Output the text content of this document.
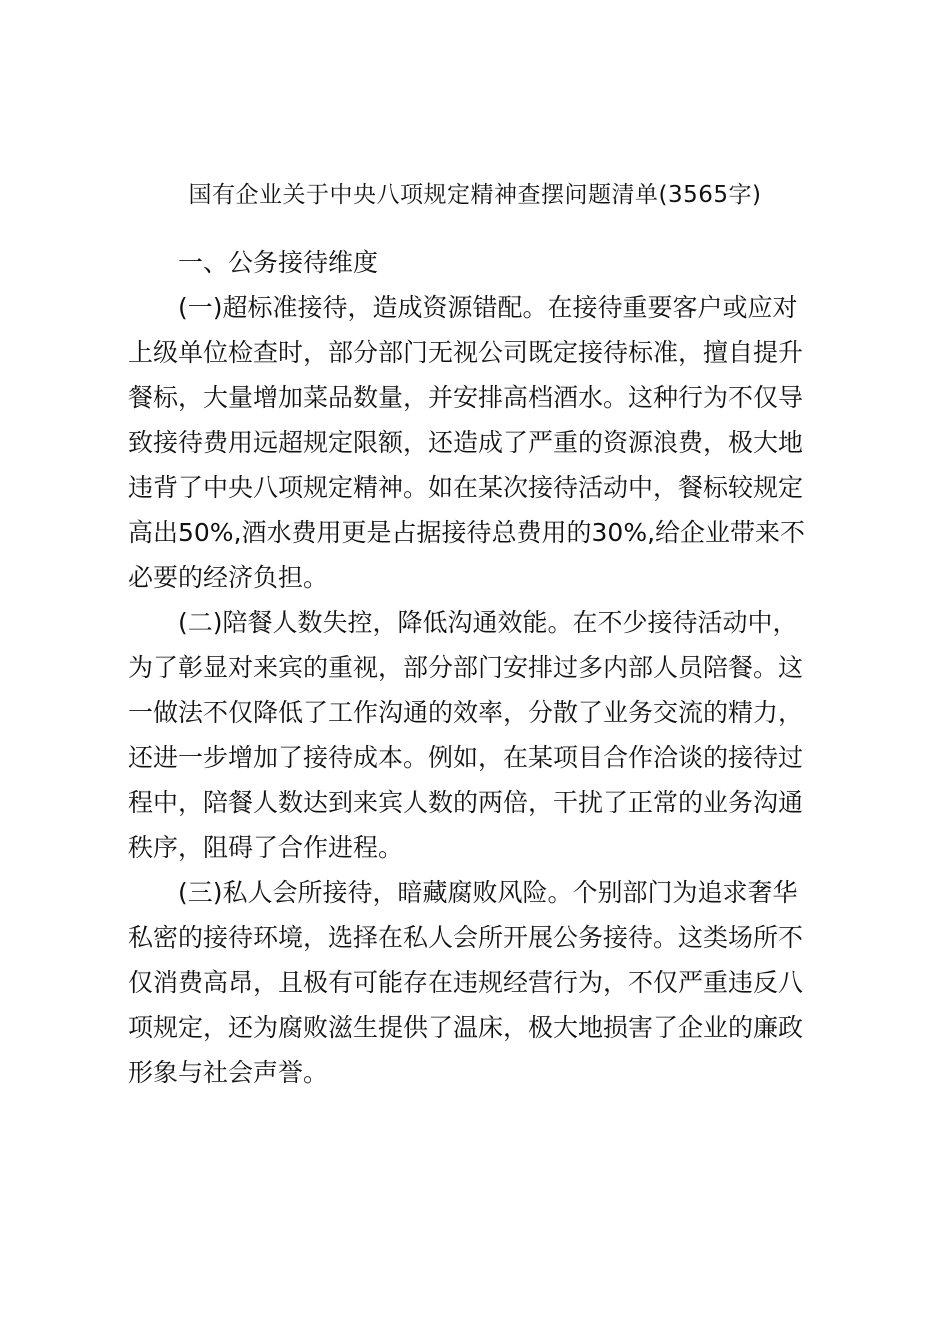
国有企业关于中央八项规定精神查摆问题清单(3565字)

一、公务接待维度

(一)超标准接待，造成资源错配。在接待重要客户或应对
上级单位检查时，部分部门无视公司既定接待标准，擅自提升
餐标，大量增加菜品数量，并安排高档酒水。这种行为不仅导
致接待费用远超规定限额，还造成了严重的资源浪费，极大地
违背了中央八项规定精神。如在某次接待活动中，餐标较规定
高出50%,酒水费用更是占据接待总费用的30%,给企业带来不
必要的经济负担。

(二)陪餐人数失控，降低沟通效能。在不少接待活动中，
为了彰显对来宾的重视，部分部门安排过多内部人员陪餐。这
一做法不仅降低了工作沟通的效率，分散了业务交流的精力，
还进一步增加了接待成本。例如，在某项目合作洽谈的接待过
程中，陪餐人数达到来宾人数的两倍，干扰了正常的业务沟通
秩序，阻碍了合作进程。

(三)私人会所接待，暗藏腐败风险。个别部门为追求奢华
私密的接待环境，选择在私人会所开展公务接待。这类场所不
仅消费高昂，且极有可能存在违规经营行为，不仅严重违反八
项规定，还为腐败滋生提供了温床，极大地损害了企业的廉政
形象与社会声誉。
